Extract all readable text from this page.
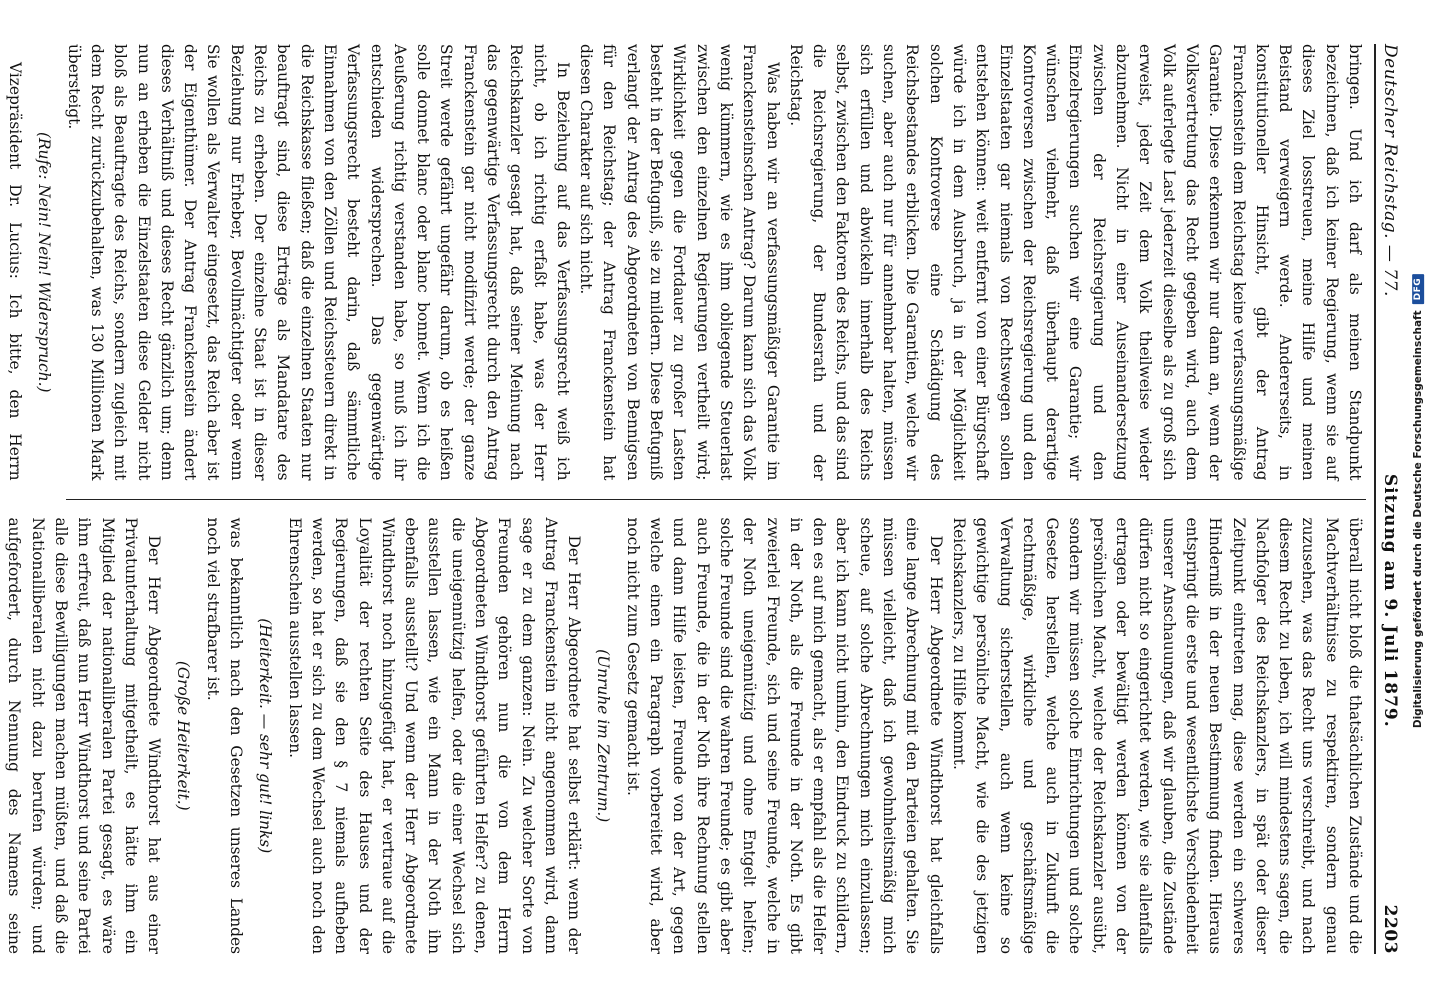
Deutscher Reichstag. — 77.
Sitzung am 9. Juli 1879.
2203

bringen. Und ich darf als meinen Standpunkt bezeichnen, daß ich keiner Regierung, wenn sie auf dieses Ziel losstreuen, meine Hilfe und meinen Beistand verweigern werde. Andererseits, in konstitutioneller Hinsicht, gibt der Antrag Franckenstein dem Reichstag keine verfassungsmäßige Garantie. Diese erkennen wir nur dann an, wenn der Volksvertretung das Recht gegeben wird, auch dem Volk auferlegte Last jederzeit dieselbe als zu groß sich erweist, jeder Zeit dem Volk theilweise wieder abzunehmen. Nicht in einer Auseinandersetzung zwischen der Reichsregierung und den Einzelregierungen suchen wir eine Garantie; wir wünschen vielmehr, daß überhaupt derartige Kontroversen zwischen der Reichsregierung und den Einzelstaaten gar niemals von Rechtswegen sollen entstehen können: weit entfernt von einer Bürgschaft würde ich in dem Ausbruch, ja in der Möglichkeit solchen Kontroverse eine Schädigung des Reichsbestandes erblicken. Die Garantien, welche wir suchen, aber auch nur für annehmbar halten, müssen sich erfüllen und abwickeln innerhalb des Reichs selbst, zwischen den Faktoren des Reichs, und das sind die Reichsregierung, der Bundesrath und der Reichstag.

Was haben wir an verfassungsmäßiger Garantie im Franckensteinschen Antrag? Darum kann sich das Volk wenig kümmern, wie es ihm obliegende Steuerlast zwischen den einzelnen Regierungen vertheilt wird; Wirklichkeit gegen die Fortdauer zu großer Lasten besteht in der Befugniß, sie zu mildern. Diese Befugniß verlangt der Antrag des Abgeordneten von Bennigsen für den Reichstag; der Antrag Franckenstein hat diesen Charakter auf sich nicht.

In Beziehung auf das Verfassungsrecht weiß ich nicht, ob ich richtig erfaßt habe, was der Herr Reichskanzler gesagt hat, daß seiner Meinung nach das gegenwärtige Verfassungsrecht durch den Antrag Franckenstein gar nicht modifizirt werde; der ganze Streit werde gefährt ungefähr darum, ob es heißen solle donnet blanc oder blanc bonnet. Wenn ich die Aeußerung richtig verstanden habe, so muß ich ihr entschieden widersprechen. Das gegenwärtige Verfassungsrecht besteht darin, daß sämmtliche Einnahmen von den Zöllen und Reichssteuern direkt in die Reichskasse fließen; daß die einzelnen Staaten nur beauftragt sind, diese Erträge als Mandatare des Reichs zu erheben. Der einzelne Staat ist in dieser Beziehung nur Erheber, Bevollmächtigter oder wenn Sie wollen als Verwalter eingesetzt, das Reich aber ist der Eigenthümer. Der Antrag Franckenstein ändert dieses Verhältniß und dieses Recht gänzlich um; denn nun an erheben die Einzelstaaten diese Gelder nicht bloß als Beauftragte des Reichs, sondern zugleich mit dem Recht zurückzubehalten, was 130 Millionen Mark übersteigt.

(Rufe: Nein! Nein! Widerspruch.)

Vizepräsident Dr. Lucius: Ich bitte, den Herrn

überall nicht bloß die thatsächlichen Zustände und die Machtverhältnisse zu respektiren, sondern genau zuzusehen, was das Recht uns verschreibt, und nach diesem Recht zu leben, ich will mindestens sagen, die Nachfolger des Reichskanzlers, in spät oder dieser Zeitpunkt eintreten mag, diese werden ein schweres Hinderniß in der neuen Bestimmung finden. Hieraus entspringt die erste und wesentlichste Verschiedenheit unserer Anschauungen, daß wir glauben, die Zustände dürfen nicht so eingerichtet werden, wie sie allenfalls ertragen oder bewältigt werden können von der persönlichen Macht, welche der Reichskanzler ausübt, sondern wir müssen solche Einrichtungen und solche Gesetze herstellen, welche auch in Zukunft die rechtmäßige, wirkliche und geschäftsmäßige Verwaltung sicherstellen, auch wenn keine so gewichtige persönliche Macht, wie die des jetzigen Reichskanzlers, zu Hilfe kommt.

Der Herr Abgeordnete Windthorst hat gleichfalls eine lange Abrechnung mit den Parteien gehalten. Sie müssen vielleicht, daß ich gewohnheitsmäßig mich scheue, auf solche Abrechnungen mich einzulassen; aber ich kann nicht umhin, den Eindruck zu schildern, den es auf mich gemacht, als er empfahl als die Helfer in der Noth, als die Freunde in der Noth. Es gibt zweierlei Freunde, sich und seine Freunde, welche in der Noth uneigennützig und ohne Entgelt helfen; solche Freunde sind die wahren Freunde; es gibt aber auch Freunde, die in der Noth ihre Rechnung stellen und dann Hilfe leisten, Freunde von der Art, gegen welche einen ein Paragraph vorbereitet wird, aber noch nicht zum Gesetz gemacht ist.

(Unruhe im Zentrum.)

Der Herr Abgeordnete hat selbst erklärt: wenn der Antrag Franckenstein nicht angenommen wird, dann sage er zu dem ganzen: Nein. Zu welcher Sorte von Freunden gehören nun die von dem Herrn Abgeordneten Windthorst geführten Helfer? zu denen, die uneigennützig helfen, oder die einer Wechsel sich ausstellen lassen, wie ein Mann in der Noth ihn ebenfalls ausstellt? Und wenn der Herr Abgeordnete Windthorst noch hinzugefügt hat, er vertraue auf die Loyalität der rechten Seite des Hauses und der Regierungen, daß sie den § 7 niemals aufheben werden, so hat er sich zu dem Wechsel auch noch den Ehrenschein ausstellen lassen.

(Heiterkeit. — sehr gut! links)

was bekanntlich nach den Gesetzen unseres Landes noch viel strafbarer ist.

(Große Heiterkeit.)

Der Herr Abgeordnete Windthorst hat aus einer Privatunterhaltung mitgetheilt, es hätte ihm ein Mitglied der nationalliberalen Partei gesagt, es wäre ihm erfreut, daß nun Herr Windthorst und seine Partei alle diese Bewilligungen machen müßten, und daß die Nationalliberalen nicht dazu berufen würden; und aufgefordert, durch Nennung des Namens seine

Digitalisierung gefördert durch die Deutsche Forschungsgemeinschaft
DFG
